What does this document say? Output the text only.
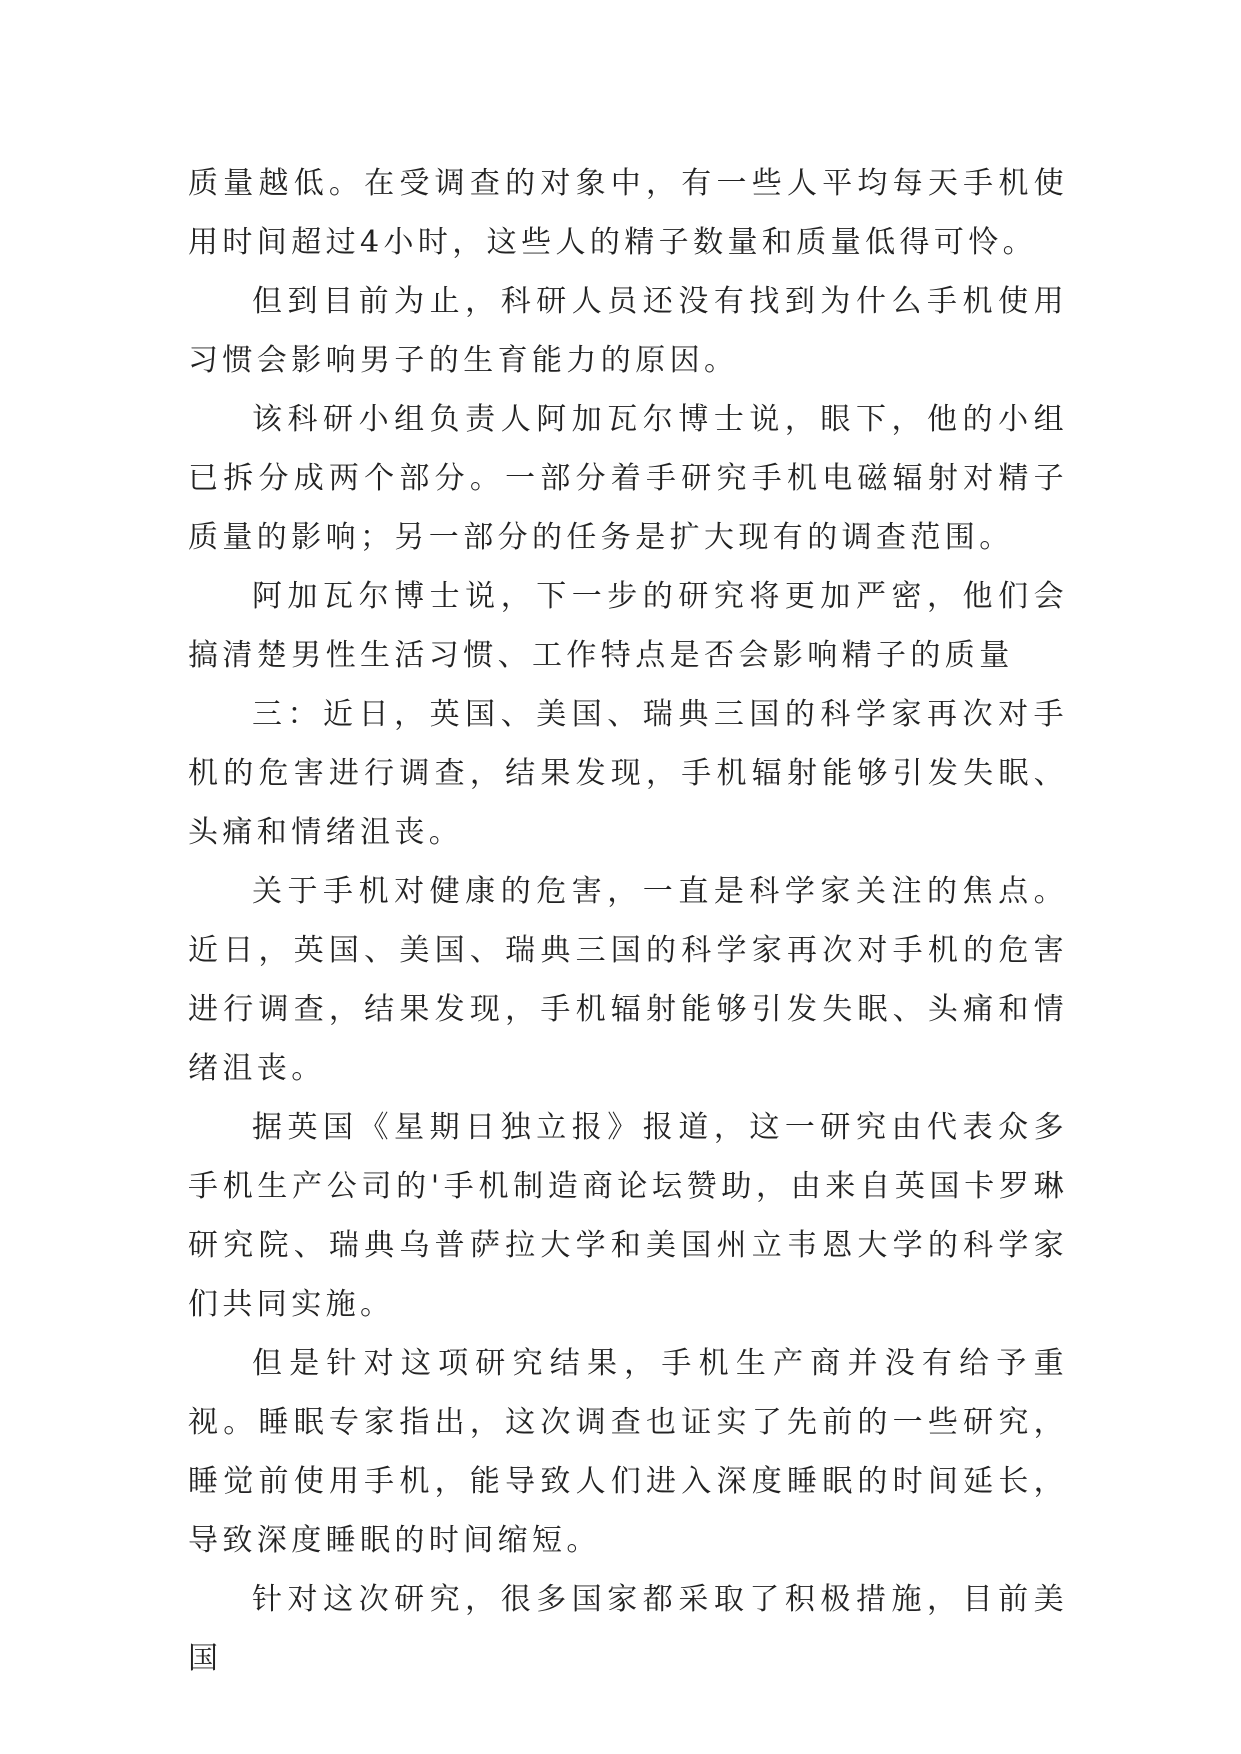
质量越低。在受调查的对象中，有一些人平均每天手机使用时间超过4小时，这些人的精子数量和质量低得可怜。

但到目前为止，科研人员还没有找到为什么手机使用习惯会影响男子的生育能力的原因。

该科研小组负责人阿加瓦尔博士说，眼下，他的小组已拆分成两个部分。一部分着手研究手机电磁辐射对精子质量的影响；另一部分的任务是扩大现有的调查范围。

阿加瓦尔博士说，下一步的研究将更加严密，他们会搞清楚男性生活习惯、工作特点是否会影响精子的质量

三：近日，英国、美国、瑞典三国的科学家再次对手机的危害进行调查，结果发现，手机辐射能够引发失眠、头痛和情绪沮丧。

关于手机对健康的危害，一直是科学家关注的焦点。近日，英国、美国、瑞典三国的科学家再次对手机的危害进行调查，结果发现，手机辐射能够引发失眠、头痛和情绪沮丧。

据英国《星期日独立报》报道，这一研究由代表众多手机生产公司的'手机制造商论坛赞助，由来自英国卡罗琳研究院、瑞典乌普萨拉大学和美国州立韦恩大学的科学家们共同实施。

但是针对这项研究结果，手机生产商并没有给予重视。睡眠专家指出，这次调查也证实了先前的一些研究，睡觉前使用手机，能导致人们进入深度睡眠的时间延长，导致深度睡眠的时间缩短。

针对这次研究，很多国家都采取了积极措施，目前美国
